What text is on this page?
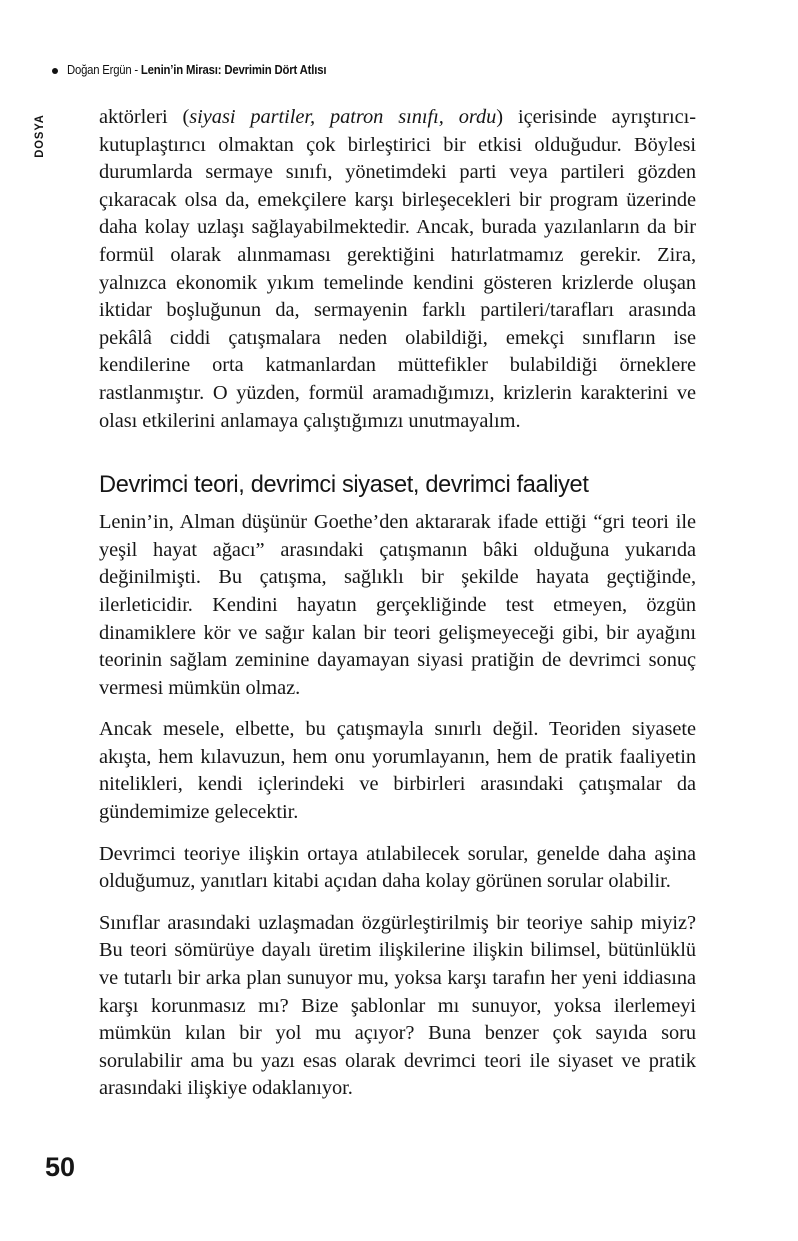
Doğan Ergün - Lenin’in Mirası: Devrimin Dört Atlısı
DOSYA	aktörleri (siyasi partiler, patron sınıfı, ordu) içerisinde ayrıştırıcı-kutuplaştırıcı olmaktan çok birleştirici bir etkisi olduğudur. Böylesi durumlarda sermaye sınıfı, yönetimdeki parti veya partileri gözden çıkaracak olsa da, emekçilere karşı birleşecekleri bir program üzerinde daha kolay uzlaşı sağlayabilmektedir. Ancak, burada yazılanların da bir formül olarak alınmaması gerektiğini hatırlatmamız gerekir. Zira, yalnızca ekonomik yıkım temelinde kendini gösteren krizlerde oluşan iktidar boşluğunun da, sermayenin farklı partileri/tarafları arasında pekâlâ ciddi çatışmalara neden olabildiği, emekçi sınıfların ise kendilerine orta katmanlardan müttefikler bulabildiği örneklere rastlanmıştır. O yüzden, formül aramadığımızı, krizlerin karakterini ve olası etkilerini anlamaya çalıştığımızı unutmayalım.

Devrimci teori, devrimci siyaset, devrimci faaliyet

Lenin’in, Alman düşünür Goethe’den aktararak ifade ettiği “gri teori ile yeşil hayat ağacı” arasındaki çatışmanın bâki olduğuna yukarıda değinilmişti. Bu çatışma, sağlıklı bir şekilde hayata geçtiğinde, ilerleticidir. Kendini hayatın gerçekliğinde test etmeyen, özgün dinamiklere kör ve sağır kalan bir teori gelişmeyeceği gibi, bir ayağını teorinin sağlam zeminine dayamayan siyasi pratiğin de devrimci sonuç vermesi mümkün olmaz.

Ancak mesele, elbette, bu çatışmayla sınırlı değil. Teoriden siyasete akışta, hem kılavuzun, hem onu yorumlayanın, hem de pratik faaliyetin nitelikleri, kendi içlerindeki ve birbirleri arasındaki çatışmalar da gündemimize gelecektir.

Devrimci teoriye ilişkin ortaya atılabilecek sorular, genelde daha aşina olduğumuz, yanıtları kitabi açıdan daha kolay görünen sorular olabilir.

Sınıflar arasındaki uzlaşmadan özgürleştirilmiş bir teoriye sahip miyiz? Bu teori sömürüye dayalı üretim ilişkilerine ilişkin bilimsel, bütünlüklü ve tutarlı bir arka plan sunuyor mu, yoksa karşı tarafın her yeni iddiasına karşı korunmasız mı? Bize şablonlar mı sunuyor, yoksa ilerlemeyi mümkün kılan bir yol mu açıyor? Buna benzer çok sayıda soru sorulabilir ama bu yazı esas olarak devrimci teori ile siyaset ve pratik arasındaki ilişkiye odaklanıyor.

50
